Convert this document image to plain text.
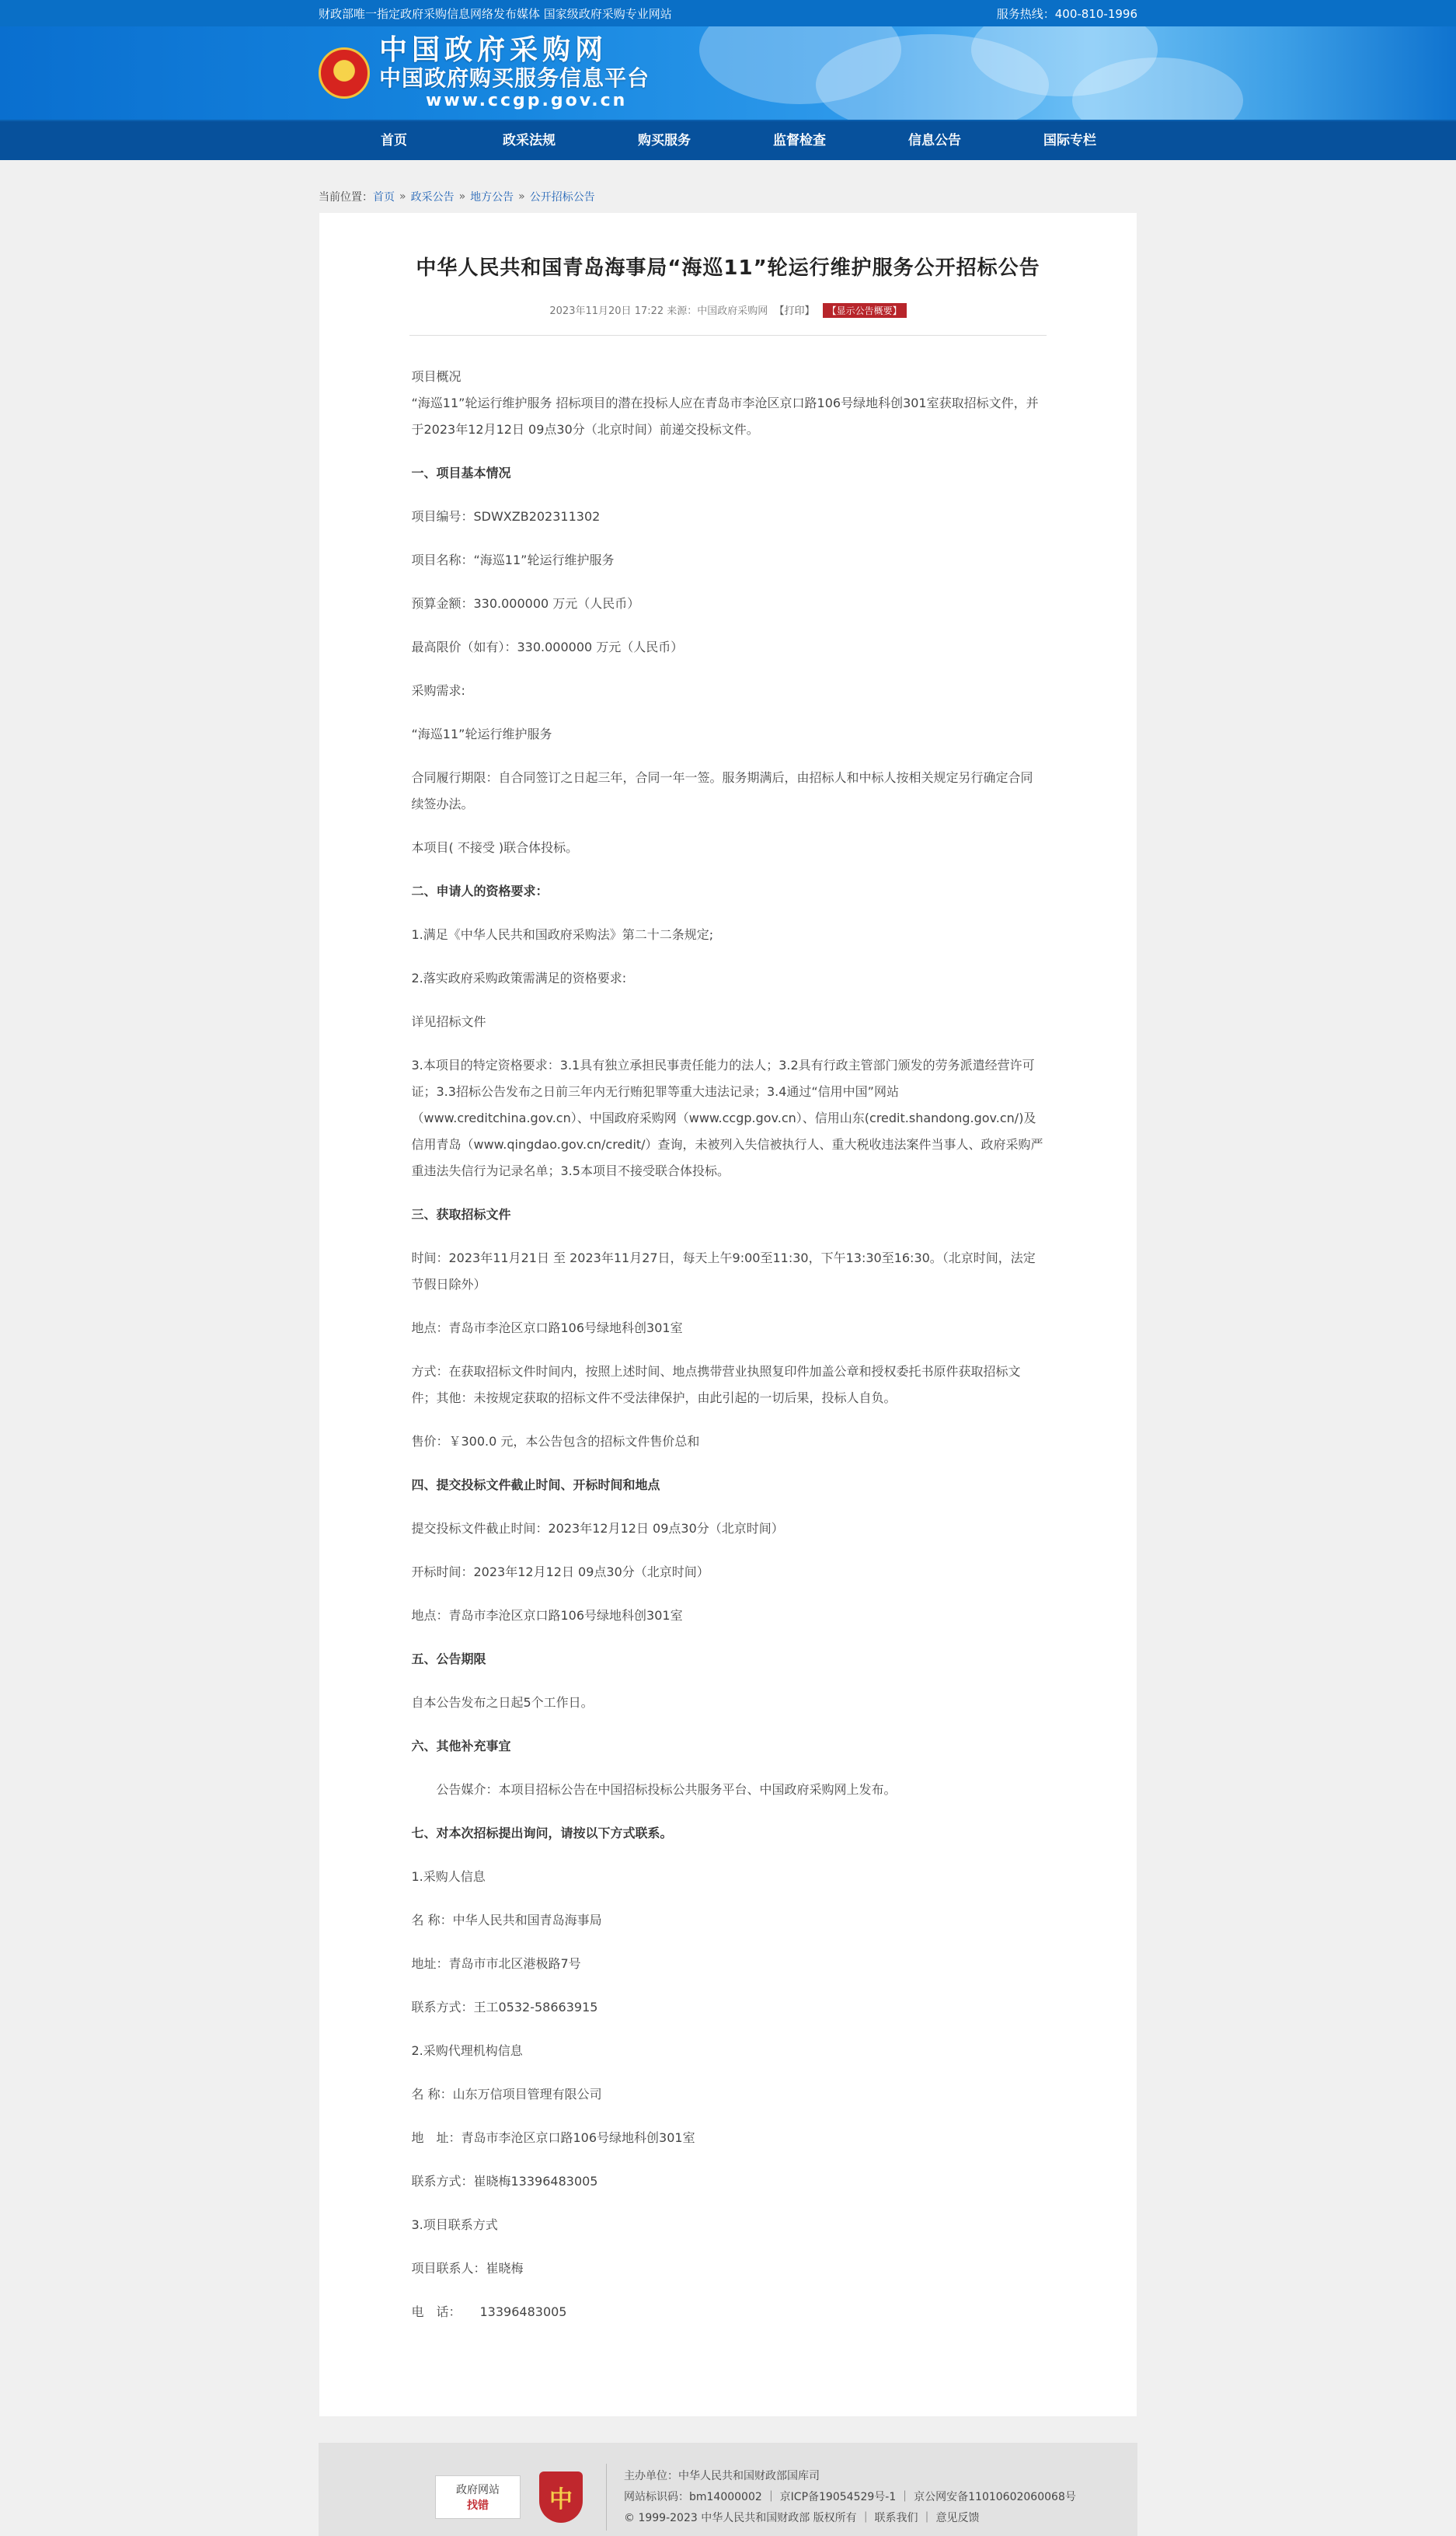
财政部唯一指定政府采购信息网络发布媒体 国家级政府采购专业网站	服务热线：400-810-1996
★
中国政府采购网
中国政府购买服务信息平台
www.ccgp.gov.cn
首页	政采法规	购买服务	监督检查	信息公告	国际专栏
当前位置： 首页 » 政采公告 » 地方公告 » 公开招标公告
中华人民共和国青岛海事局“海巡11”轮运行维护服务公开招标公告
2023年11月20日 17:22 来源：中国政府采购网 【打印】 【显示公告概要】

项目概况

“海巡11”轮运行维护服务 招标项目的潜在投标人应在青岛市李沧区京口路106号绿地科创301室获取招标文件，并于2023年12月12日 09点30分（北京时间）前递交投标文件。

一、项目基本情况

项目编号：SDWXZB202311302

项目名称：“海巡11”轮运行维护服务

预算金额：330.000000 万元（人民币）

最高限价（如有）：330.000000 万元（人民币）

采购需求:

“海巡11”轮运行维护服务

合同履行期限：自合同签订之日起三年，合同一年一签。服务期满后，由招标人和中标人按相关规定另行确定合同续签办法。

本项目( 不接受 )联合体投标。

二、申请人的资格要求：

1.满足《中华人民共和国政府采购法》第二十二条规定;

2.落实政府采购政策需满足的资格要求:

详见招标文件

3.本项目的特定资格要求：3.1具有独立承担民事责任能力的法人；3.2具有行政主管部门颁发的劳务派遣经营许可证；3.3招标公告发布之日前三年内无行贿犯罪等重大违法记录；3.4通过“信用中国”网站（www.creditchina.gov.cn）、中国政府采购网（www.ccgp.gov.cn）、信用山东(credit.shandong.gov.cn/)及信用青岛（www.qingdao.gov.cn/credit/）查询，未被列入失信被执行人、重大税收违法案件当事人、政府采购严重违法失信行为记录名单；3.5本项目不接受联合体投标。

三、获取招标文件

时间：2023年11月21日 至 2023年11月27日，每天上午9:00至11:30，下午13:30至16:30。（北京时间，法定节假日除外）

地点：青岛市李沧区京口路106号绿地科创301室

方式：在获取招标文件时间内，按照上述时间、地点携带营业执照复印件加盖公章和授权委托书原件获取招标文件；其他：未按规定获取的招标文件不受法律保护，由此引起的一切后果，投标人自负。

售价：￥300.0 元，本公告包含的招标文件售价总和

四、提交投标文件截止时间、开标时间和地点

提交投标文件截止时间：2023年12月12日 09点30分（北京时间）

开标时间：2023年12月12日 09点30分（北京时间）

地点：青岛市李沧区京口路106号绿地科创301室

五、公告期限

自本公告发布之日起5个工作日。

六、其他补充事宜

公告媒介：本项目招标公告在中国招标投标公共服务平台、中国政府采购网上发布。

七、对本次招标提出询问，请按以下方式联系。

1.采购人信息

名 称：中华人民共和国青岛海事局

地址：青岛市市北区港极路7号

联系方式：王工0532-58663915

2.采购代理机构信息

名 称：山东万信项目管理有限公司

地　址：青岛市李沧区京口路106号绿地科创301室

联系方式：崔晓梅13396483005

3.项目联系方式

项目联系人：崔晓梅

电　话：　　13396483005

政府网站
找错	中
主办单位：中华人民共和国财政部国库司
网站标识码：bm14000002 ｜ 京ICP备19054529号-1 ｜ 京公网安备11010602060068号
© 1999-2023 中华人民共和国财政部 版权所有 ｜ 联系我们 ｜ 意见反馈
